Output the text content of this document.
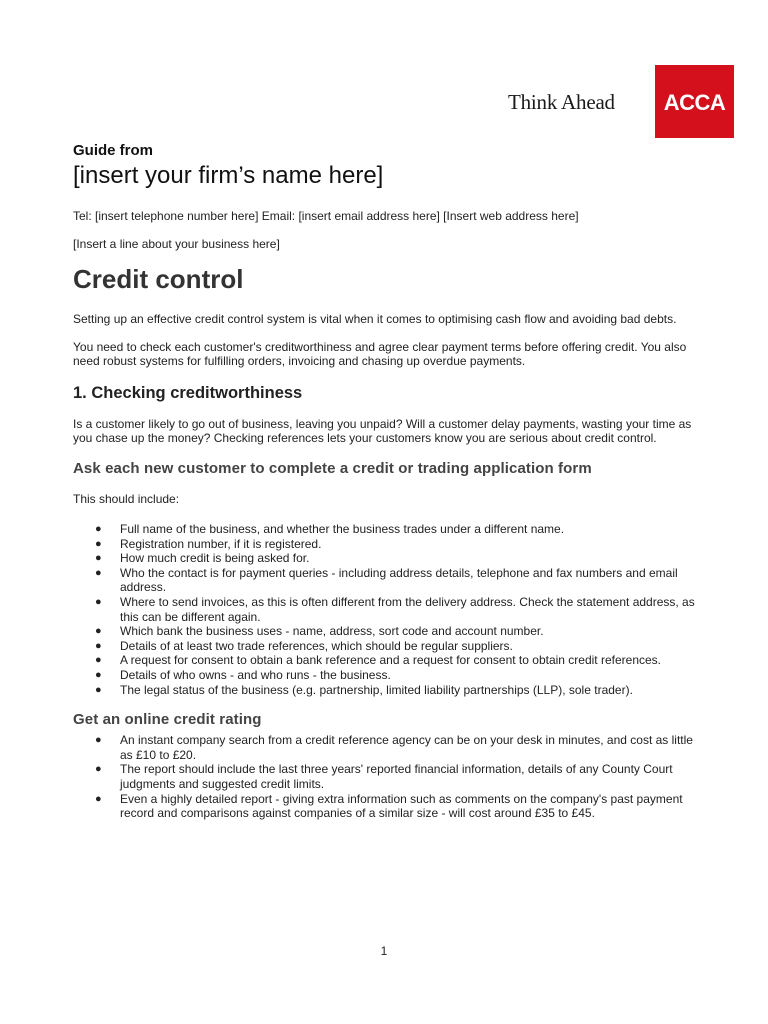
Think Ahead	ACCA
Guide from
[insert your firm’s name here]
Tel: [insert telephone number here] Email: [insert email address here] [Insert web address here]
[Insert a line about your business here]
Credit control

Setting up an effective credit control system is vital when it comes to optimising cash flow and avoiding bad debts.

You need to check each customer's creditworthiness and agree clear payment terms before offering credit. You also need robust systems for fulfilling orders, invoicing and chasing up overdue payments.

1. Checking creditworthiness

Is a customer likely to go out of business, leaving you unpaid? Will a customer delay payments, wasting your time as you chase up the money? Checking references lets your customers know you are serious about credit control.

Ask each new customer to complete a credit or trading application form

This should include:

● Full name of the business, and whether the business trades under a different name.
● Registration number, if it is registered.
● How much credit is being asked for.
● Who the contact is for payment queries - including address details, telephone and fax numbers and email address.
● Where to send invoices, as this is often different from the delivery address. Check the statement address, as this can be different again.
● Which bank the business uses - name, address, sort code and account number.
● Details of at least two trade references, which should be regular suppliers.
● A request for consent to obtain a bank reference and a request for consent to obtain credit references.
● Details of who owns - and who runs - the business.
● The legal status of the business (e.g. partnership, limited liability partnerships (LLP), sole trader).
Get an online credit rating
● An instant company search from a credit reference agency can be on your desk in minutes, and cost as little as £10 to £20.
● The report should include the last three years' reported financial information, details of any County Court judgments and suggested credit limits.
● Even a highly detailed report - giving extra information such as comments on the company's past payment record and comparisons against companies of a similar size - will cost around £35 to £45.
1
